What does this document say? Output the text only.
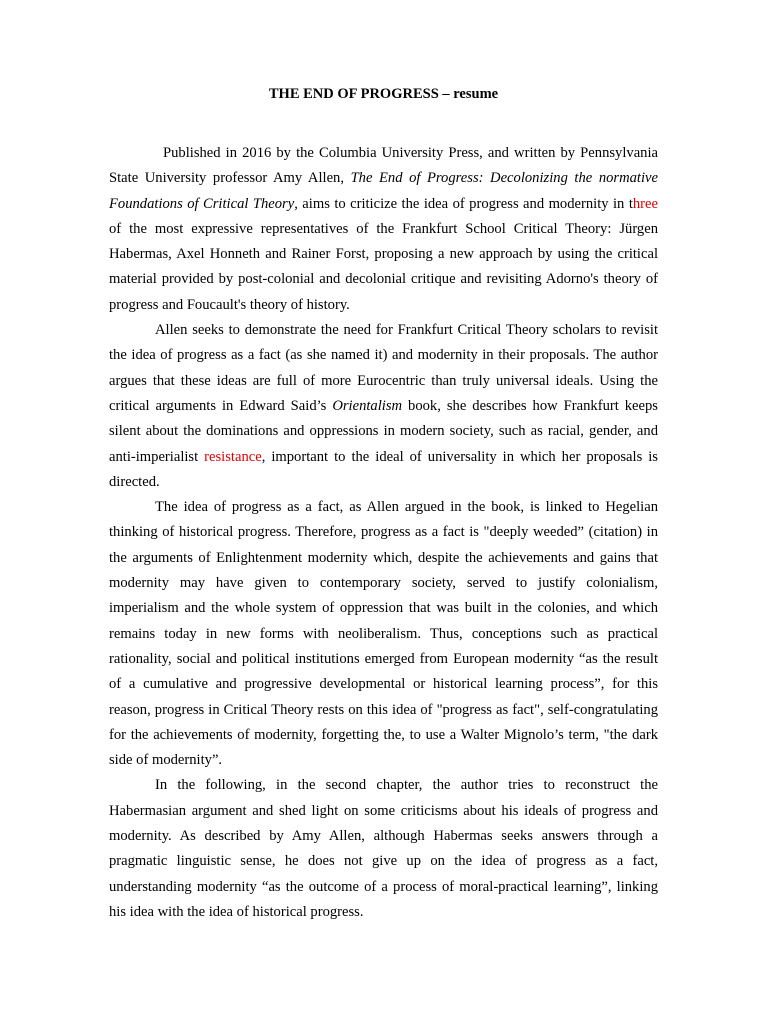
THE END OF PROGRESS – resume

Published in 2016 by the Columbia University Press, and written by Pennsylvania State University professor Amy Allen, The End of Progress: Decolonizing the normative Foundations of Critical Theory, aims to criticize the idea of progress and modernity in three of the most expressive representatives of the Frankfurt School Critical Theory: Jürgen Habermas, Axel Honneth and Rainer Forst, proposing a new approach by using the critical material provided by post-colonial and decolonial critique and revisiting Adorno's theory of progress and Foucault's theory of history.

Allen seeks to demonstrate the need for Frankfurt Critical Theory scholars to revisit the idea of progress as a fact (as she named it) and modernity in their proposals. The author argues that these ideas are full of more Eurocentric than truly universal ideals. Using the critical arguments in Edward Said’s Orientalism book, she describes how Frankfurt keeps silent about the dominations and oppressions in modern society, such as racial, gender, and anti-imperialist resistance, important to the ideal of universality in which her proposals is directed.

The idea of progress as a fact, as Allen argued in the book, is linked to Hegelian thinking of historical progress. Therefore, progress as a fact is "deeply weeded” (citation) in the arguments of Enlightenment modernity which, despite the achievements and gains that modernity may have given to contemporary society, served to justify colonialism, imperialism and the whole system of oppression that was built in the colonies, and which remains today in new forms with neoliberalism. Thus, conceptions such as practical rationality, social and political institutions emerged from European modernity “as the result of a cumulative and progressive developmental or historical learning process”, for this reason, progress in Critical Theory rests on this idea of "progress as fact", self-congratulating for the achievements of modernity, forgetting the, to use a Walter Mignolo’s term, "the dark side of modernity”.

In the following, in the second chapter, the author tries to reconstruct the Habermasian argument and shed light on some criticisms about his ideals of progress and modernity. As described by Amy Allen, although Habermas seeks answers through a pragmatic linguistic sense, he does not give up on the idea of progress as a fact, understanding modernity “as the outcome of a process of moral-practical learning”, linking his idea with the idea of historical progress.
